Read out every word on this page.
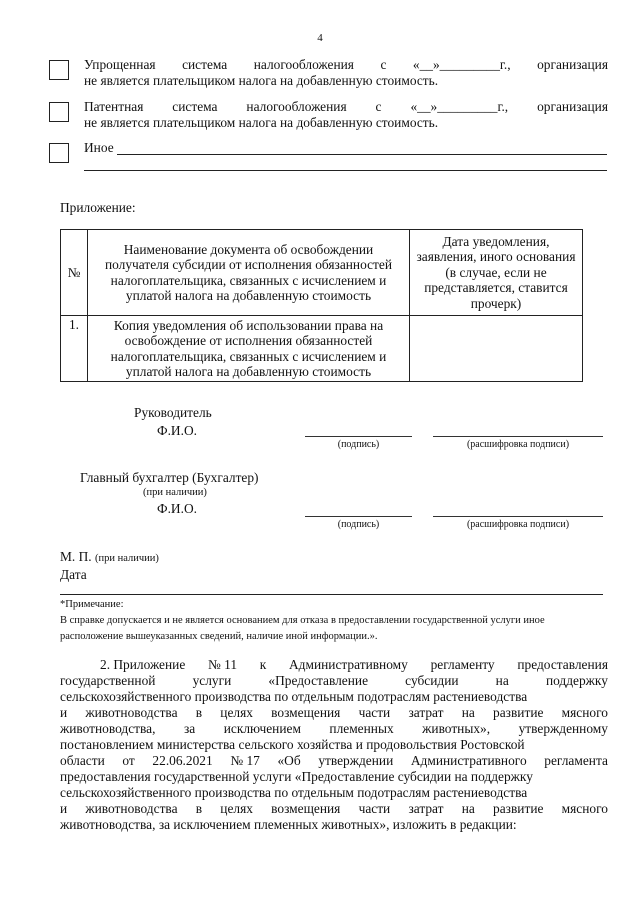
4
Упрощенная система налогообложения с «__»_________г., организация
не является плательщиком налога на добавленную стоимость.
Патентная система налогообложения с «__»_________г., организация
не является плательщиком налога на добавленную стоимость.
Иное
Приложение:
№	Наименование документа об освобождении получателя субсидии от исполнения обязанностей налогоплательщика, связанных с исчислением и уплатой налога на добавленную стоимость	Дата уведомления, заявления, иного основания (в случае, если не представляется, ставится прочерк)
1.	Копия уведомления об использовании права на освобождение от исполнения обязанностей налогоплательщика, связанных с исчислением и уплатой налога на добавленную стоимость	
Руководитель
Ф.И.О.
(подпись)	(расшифровка подписи)
Главный бухгалтер (Бухгалтер)
(при наличии)
Ф.И.О.
(подпись)	(расшифровка подписи)
М. П. (при наличии)
Дата
*Примечание:
В справке допускается и не является основанием для отказа в предоставлении государственной услуги иное
расположение вышеуказанных сведений, наличие иной информации.».
2. Приложение № 11 к Административному регламенту предоставления
государственной	услуги	«Предоставление	субсидии	на	поддержку
сельскохозяйственного производства по отдельным подотраслям растениеводства
и животноводства в целях возмещения части затрат на развитие мясного
животноводства, за исключением племенных животных», утвержденному
постановлением министерства сельского хозяйства и продовольствия Ростовской
области от 22.06.2021 № 17 «Об утверждении Административного регламента
предоставления государственной услуги «Предоставление субсидии на поддержку
сельскохозяйственного производства по отдельным подотраслям растениеводства
и животноводства в целях возмещения части затрат на развитие мясного
животноводства, за исключением племенных животных», изложить в редакции:
